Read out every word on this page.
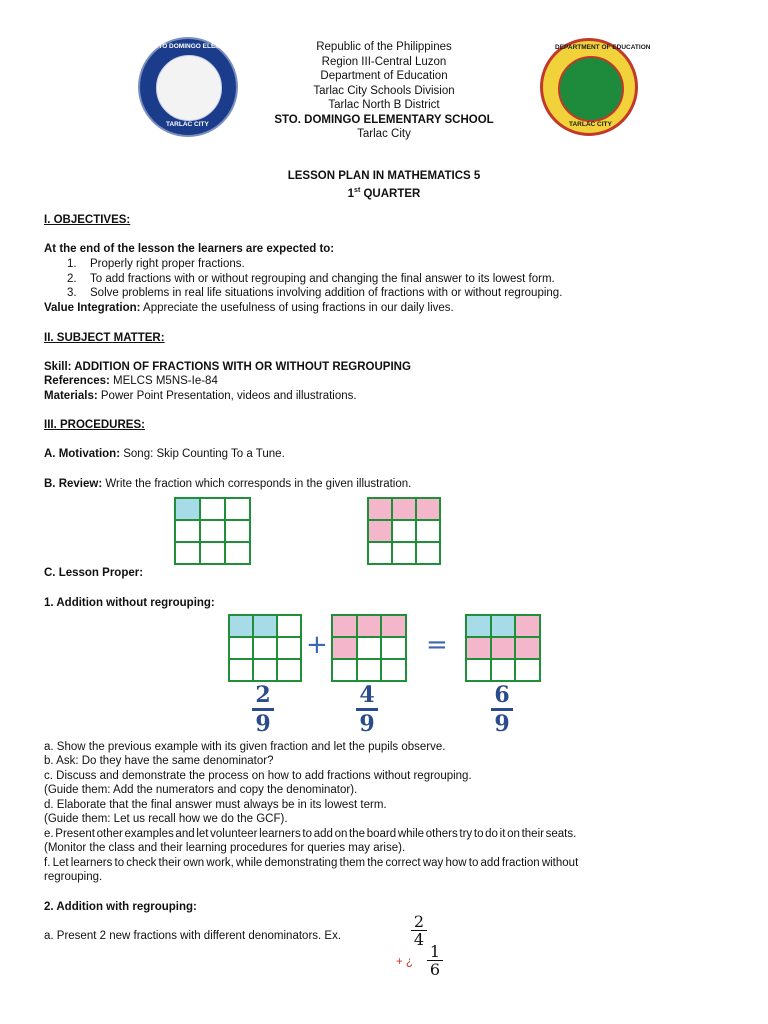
STO DOMINGO ELEMENTARY SCHOOL
TARLAC CITY
DEPARTMENT OF EDUCATION
TARLAC CITY
Republic of the Philippines
Region III-Central Luzon
Department of Education
Tarlac City Schools Division
Tarlac North B District
STO. DOMINGO ELEMENTARY SCHOOL
Tarlac City
LESSON PLAN IN MATHEMATICS 5
1st QUARTER
I. OBJECTIVES:
At the end of the lesson the learners are expected to:
1. Properly right proper fractions.
2. To add fractions with or without regrouping and changing the final answer to its lowest form.
3. Solve problems in real life situations involving addition of fractions with or without regrouping.
Value Integration: Appreciate the usefulness of using fractions in our daily lives.
II. SUBJECT MATTER:
Skill: ADDITION OF FRACTIONS WITH OR WITHOUT REGROUPING
References: MELCS M5NS-Ie-84
Materials: Power Point Presentation, videos and illustrations.
III. PROCEDURES:
A. Motivation: Song: Skip Counting To a Tune.
B. Review: Write the fraction which corresponds in the given illustration.
C. Lesson Proper:
1. Addition without regrouping:
+	=
2
9
4
9
6
9
a. Show the previous example with its given fraction and let the pupils observe.
b. Ask: Do they have the same denominator?
c. Discuss and demonstrate the process on how to add fractions without regrouping.
(Guide them: Add the numerators and copy the denominator).
d. Elaborate that the final answer must always be in its lowest term.
(Guide them: Let us recall how we do the GCF).
e. Present other examples and let volunteer learners to add on the board while others try to do it on their seats.
(Monitor the class and their learning procedures for queries may arise).
f. Let learners to check their own work, while demonstrating them the correct way how to add fraction without
regrouping.
2. Addition with regrouping:
a. Present 2 new fractions with different denominators. Ex.
2
4
+ ¿
1
6
